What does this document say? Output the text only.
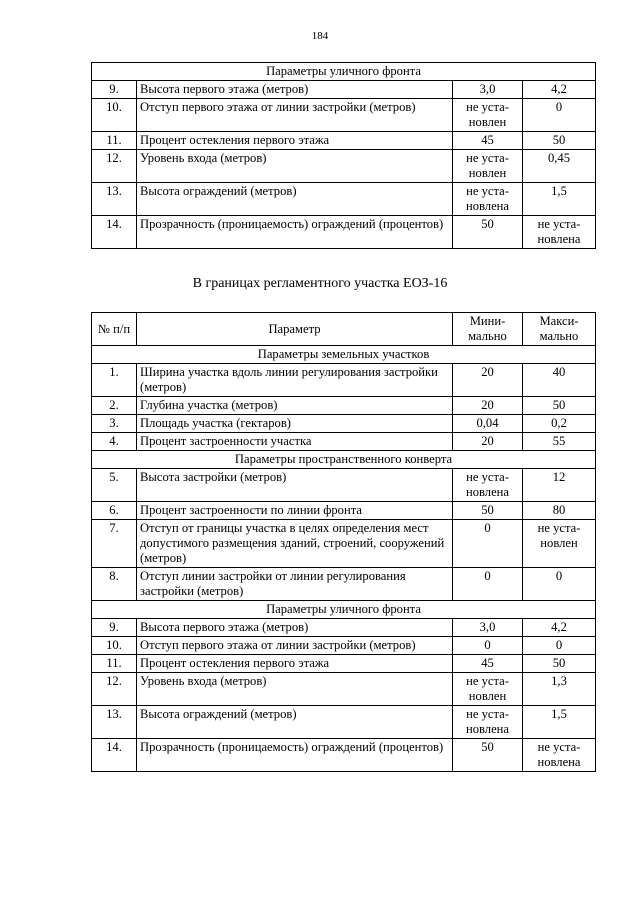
184
Параметры уличного фронта			
9.	Высота первого этажа (метров)	3,0	4,2
10.	Отступ первого этажа от линии застройки (метров)	не уста-новлен	0
11.	Процент остекления первого этажа	45	50
12.	Уровень входа (метров)	не уста-новлен	0,45
13.	Высота ограждений (метров)	не уста-новлена	1,5
14.	Прозрачность (проницаемость) ограждений (процентов)	50	не уста-новлена
В границах регламентного участка ЕОЗ-16
№ п/п	Параметр	Мини-мально	Макси-мально
Параметры земельных участков			
1.	Ширина участка вдоль линии регулирования застройки (метров)	20	40
2.	Глубина участка (метров)	20	50
3.	Площадь участка (гектаров)	0,04	0,2
4.	Процент застроенности участка	20	55
Параметры пространственного конверта			
5.	Высота застройки (метров)	не уста-новлена	12
6.	Процент застроенности по линии фронта	50	80
7.	Отступ от границы участка в целях определения мест допустимого размещения зданий, строений, сооружений (метров)	0	не уста-новлен
8.	Отступ линии застройки от линии регулирования застройки (метров)	0	0
Параметры уличного фронта			
9.	Высота первого этажа (метров)	3,0	4,2
10.	Отступ первого этажа от линии застройки (метров)	0	0
11.	Процент остекления первого этажа	45	50
12.	Уровень входа (метров)	не уста-новлен	1,3
13.	Высота ограждений (метров)	не уста-новлена	1,5
14.	Прозрачность (проницаемость) ограждений (процентов)	50	не уста-новлена
